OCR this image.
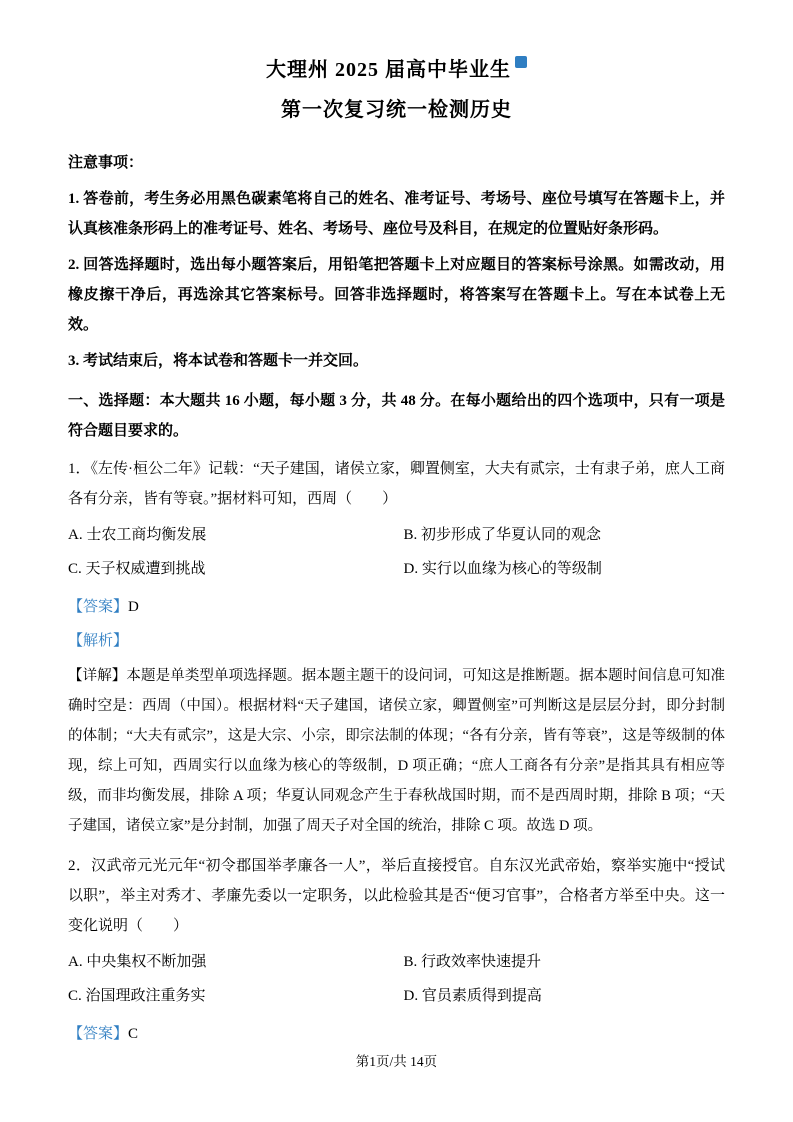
大理州 2025 届高中毕业生
第一次复习统一检测历史
注意事项：

1. 答卷前，考生务必用黑色碳素笔将自己的姓名、准考证号、考场号、座位号填写在答题卡上，并认真核准条形码上的准考证号、姓名、考场号、座位号及科目，在规定的位置贴好条形码。

2. 回答选择题时，选出每小题答案后，用铅笔把答题卡上对应题目的答案标号涂黑。如需改动，用橡皮擦干净后，再选涂其它答案标号。回答非选择题时，将答案写在答题卡上。写在本试卷上无效。

3. 考试结束后，将本试卷和答题卡一并交回。

一、选择题：本大题共 16 小题，每小题 3 分，共 48 分。在每小题给出的四个选项中，只有一项是符合题目要求的。

1．《左传·桓公二年》记载：“天子建国，诸侯立家，卿置侧室，大夫有贰宗，士有隶子弟，庶人工商各有分亲，皆有等衰。”据材料可知，西周（　　）

A. 士农工商均衡发展	B. 初步形成了华夏认同的观念
C. 天子权威遭到挑战	D. 实行以血缘为核心的等级制

【答案】D

【解析】

【详解】本题是单类型单项选择题。据本题主题干的设问词，可知这是推断题。据本题时间信息可知准确时空是：西周（中国）。根据材料“天子建国，诸侯立家，卿置侧室”可判断这是层层分封，即分封制的体制；“大夫有贰宗”，这是大宗、小宗，即宗法制的体现；“各有分亲，皆有等衰”，这是等级制的体现，综上可知，西周实行以血缘为核心的等级制，D 项正确；“庶人工商各有分亲”是指其具有相应等级，而非均衡发展，排除 A 项；华夏认同观念产生于春秋战国时期，而不是西周时期，排除 B 项；“天子建国，诸侯立家”是分封制，加强了周天子对全国的统治，排除 C 项。故选 D 项。

2．汉武帝元光元年“初令郡国举孝廉各一人”，举后直接授官。自东汉光武帝始，察举实施中“授试以职”，举主对秀才、孝廉先委以一定职务，以此检验其是否“便习官事”，合格者方举至中央。这一变化说明（　　）

A. 中央集权不断加强	B. 行政效率快速提升
C. 治国理政注重务实	D. 官员素质得到提高

【答案】C

第1页/共 14页
